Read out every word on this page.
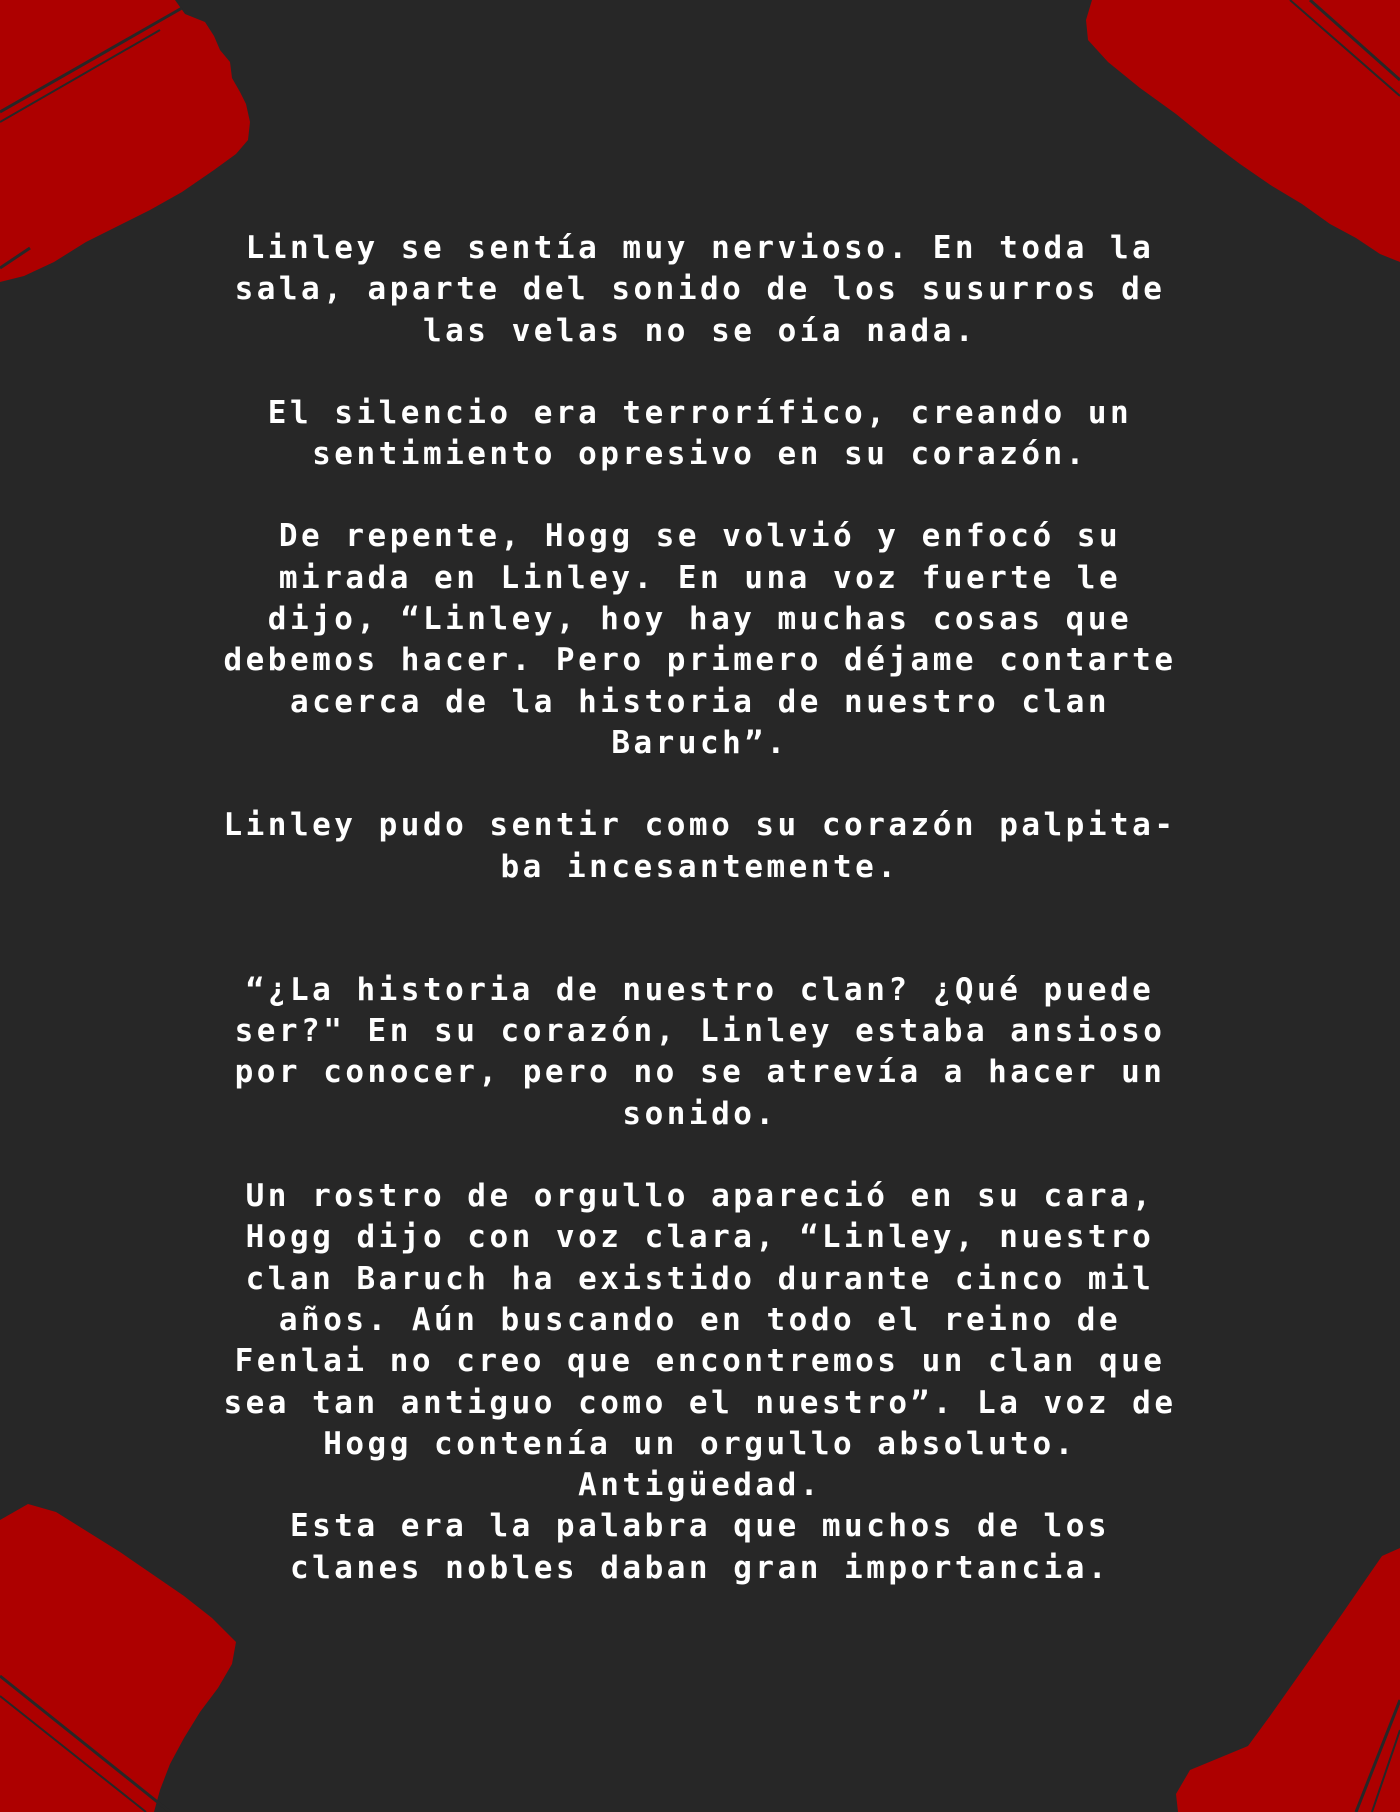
Linley se sentía muy nervioso. En toda la
sala, aparte del sonido de los susurros de
las velas no se oía nada.

El silencio era terrorífico, creando un
sentimiento opresivo en su corazón.

De repente, Hogg se volvió y enfocó su
mirada en Linley. En una voz fuerte le
dijo, “Linley, hoy hay muchas cosas que
debemos hacer. Pero primero déjame contarte
acerca de la historia de nuestro clan
Baruch”.

Linley pudo sentir como su corazón palpita-
ba incesantemente.

“¿La historia de nuestro clan? ¿Qué puede
ser?" En su corazón, Linley estaba ansioso
por conocer, pero no se atrevía a hacer un
sonido.

Un rostro de orgullo apareció en su cara,
Hogg dijo con voz clara, “Linley, nuestro
clan Baruch ha existido durante cinco mil
años. Aún buscando en todo el reino de
Fenlai no creo que encontremos un clan que
sea tan antiguo como el nuestro”. La voz de
Hogg contenía un orgullo absoluto.
Antigüedad.
Esta era la palabra que muchos de los
clanes nobles daban gran importancia.
